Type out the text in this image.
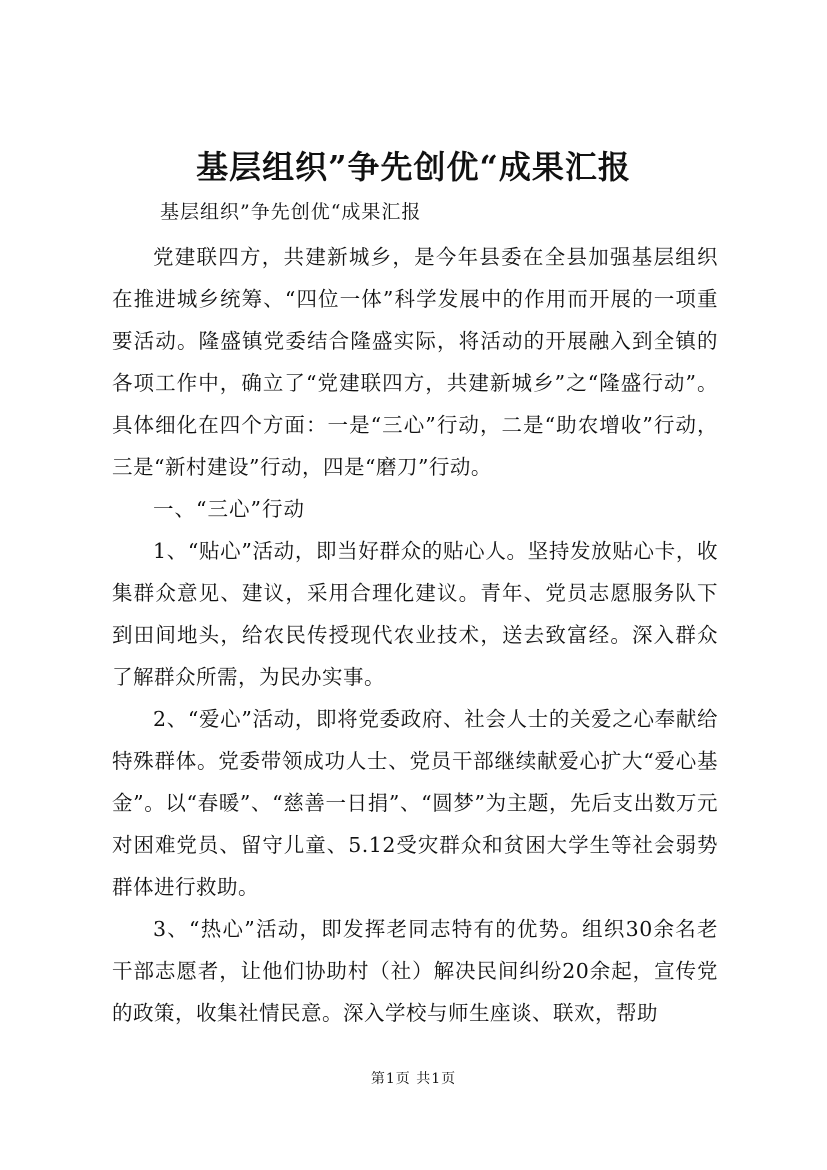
基层组织”争先创优“成果汇报
基层组织”争先创优“成果汇报

党建联四方，共建新城乡，是今年县委在全县加强基层组织在推进城乡统筹、“四位一体”科学发展中的作用而开展的一项重要活动。隆盛镇党委结合隆盛实际，将活动的开展融入到全镇的各项工作中，确立了“党建联四方，共建新城乡”之“隆盛行动”。具体细化在四个方面：一是“三心”行动，二是“助农增收”行动，三是“新村建设”行动，四是“磨刀”行动。

一、“三心”行动

1、“贴心”活动，即当好群众的贴心人。坚持发放贴心卡，收集群众意见、建议，采用合理化建议。青年、党员志愿服务队下到田间地头，给农民传授现代农业技术，送去致富经。深入群众了解群众所需，为民办实事。

2、“爱心”活动，即将党委政府、社会人士的关爱之心奉献给特殊群体。党委带领成功人士、党员干部继续献爱心扩大“爱心基金”。以“春暖”、“慈善一日捐”、“圆梦”为主题，先后支出数万元对困难党员、留守儿童、5.12受灾群众和贫困大学生等社会弱势群体进行救助。

3、“热心”活动，即发挥老同志特有的优势。组织30余名老干部志愿者，让他们协助村（社）解决民间纠纷20余起，宣传党的政策，收集社情民意。深入学校与师生座谈、联欢，帮助

第1页 共1页
